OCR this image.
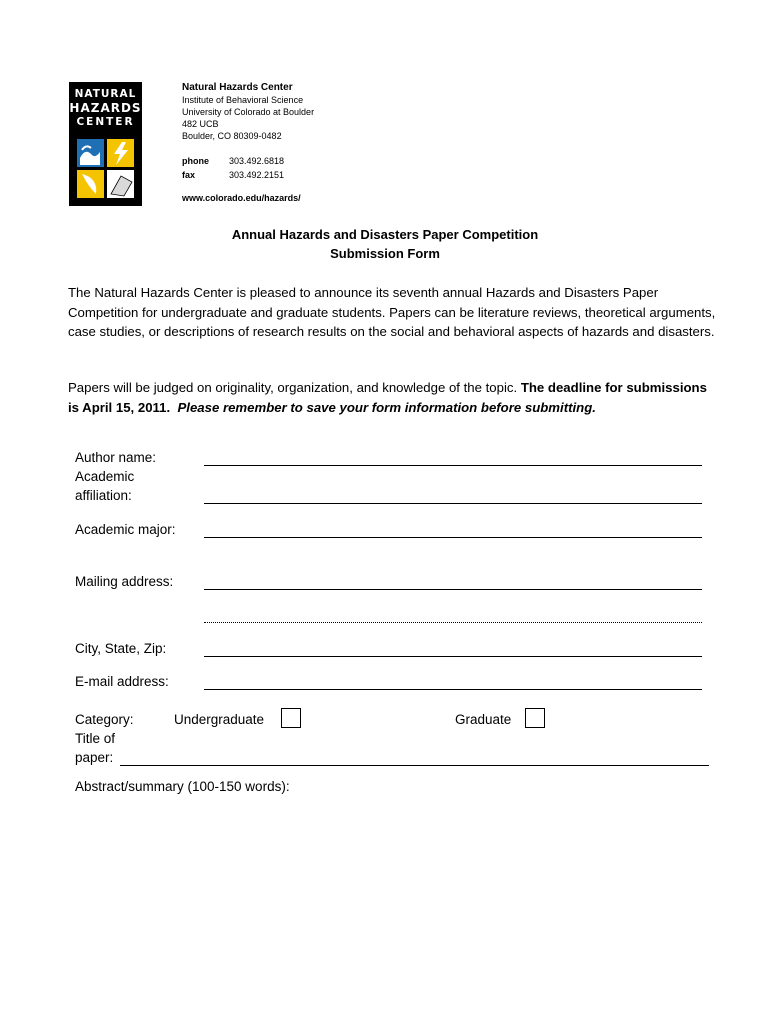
NATURAL
HAZARDS
CENTER
Natural Hazards Center
Institute of Behavioral Science
University of Colorado at Boulder
482 UCB
Boulder, CO 80309-0482
phone 303.492.6818
fax	303.492.2151
www.colorado.edu/hazards/
Annual Hazards and Disasters Paper Competition
Submission Form
The Natural Hazards Center is pleased to announce its seventh annual Hazards and Disasters Paper Competition for undergraduate and graduate students. Papers can be literature reviews, theoretical arguments, case studies, or descriptions of research results on the social and behavioral aspects of hazards and disasters.
Papers will be judged on originality, organization, and knowledge of the topic. The deadline for submissions is April 15, 2011. Please remember to save your form information before submitting.
Author name:
Academic
affiliation:
Academic major:
Mailing address:
City, State, Zip:
E-mail address:
Category:	Undergraduate	Graduate
Title of
paper:
Abstract/summary (100-150 words):
